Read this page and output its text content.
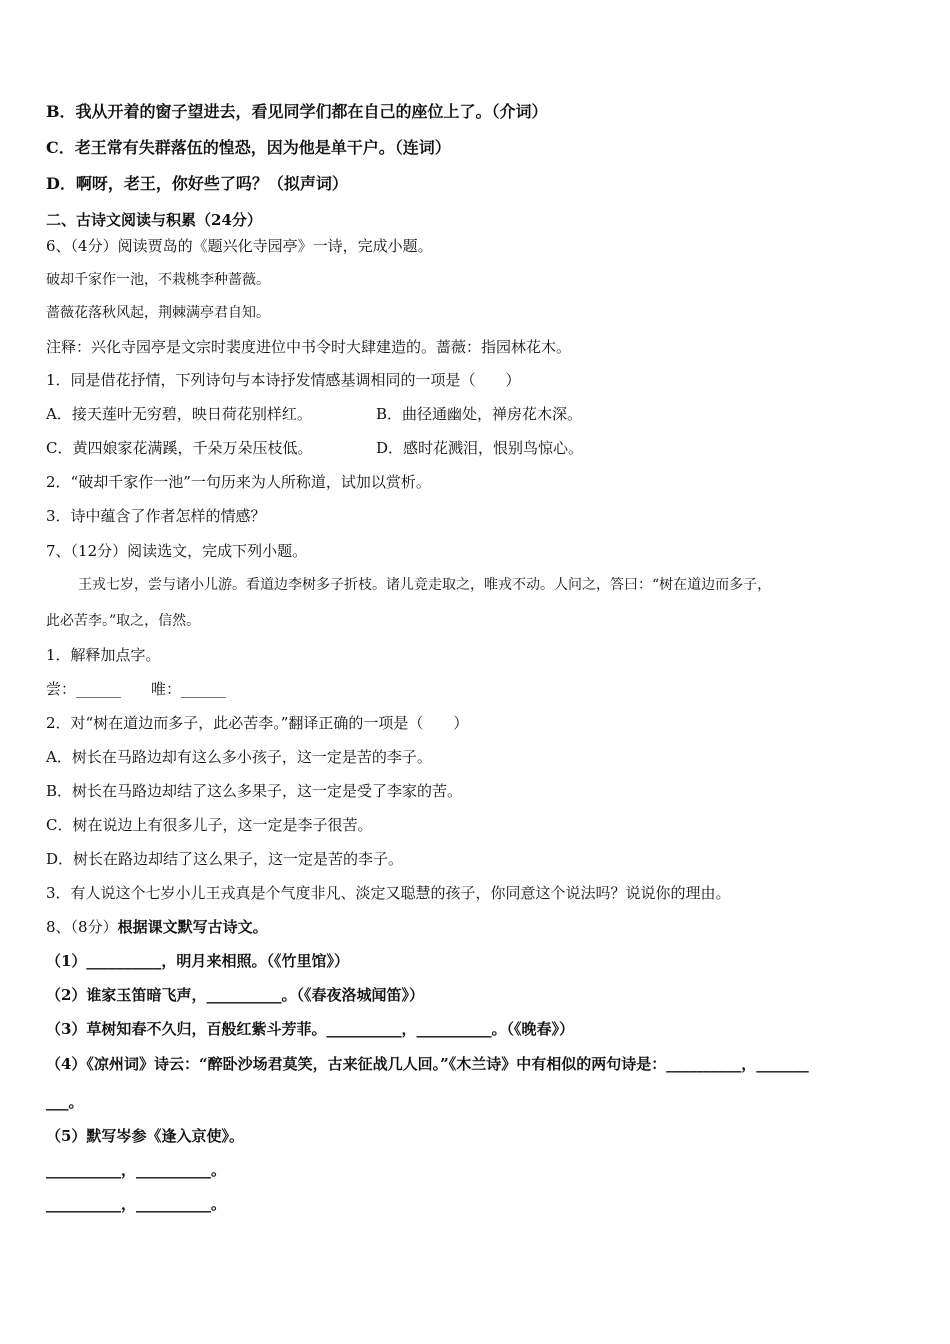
B．我从开着的窗子望进去，看见同学们都在自己的座位上了。（介词）
C．老王常有失群落伍的惶恐，因为他是单干户。（连词）
D．啊呀，老王，你好些了吗？（拟声词）
二、古诗文阅读与积累（24分）
6、（4分）阅读贾岛的《题兴化寺园亭》一诗，完成小题。
破却千家作一池，不栽桃李种蔷薇。
蔷薇花落秋风起，荆棘满亭君自知。
注释：兴化寺园亭是文宗时裴度进位中书令时大肆建造的。蔷薇：指园林花木。
1．同是借花抒情，下列诗句与本诗抒发情感基调相同的一项是（　　）
A．接天莲叶无穷碧，映日荷花别样红。	B．曲径通幽处，禅房花木深。
C．黄四娘家花满蹊，千朵万朵压枝低。	D．感时花溅泪，恨别鸟惊心。
2．“破却千家作一池”一句历来为人所称道，试加以赏析。
3．诗中蕴含了作者怎样的情感？
7、（12分）阅读选文，完成下列小题。
王戎七岁，尝与诸小儿游。看道边李树多子折枝。诸儿竞走取之，唯戎不动。人问之，答曰：“树在道边而多子，
此必苦李。”取之，信然。
1．解释加点字。
尝：______　　唯：______
2．对“树在道边而多子，此必苦李。”翻译正确的一项是（　　）
A．树长在马路边却有这么多小孩子，这一定是苦的李子。
B．树长在马路边却结了这么多果子，这一定是受了李家的苦。
C．树在说边上有很多儿子，这一定是李子很苦。
D．树长在路边却结了这么果子，这一定是苦的李子。
3．有人说这个七岁小儿王戎真是个气度非凡、淡定又聪慧的孩子，你同意这个说法吗？说说你的理由。
8、（8分）根据课文默写古诗文。
（1）__________，明月来相照。（《竹里馆》）
（2）谁家玉笛暗飞声，__________。（《春夜洛城闻笛》）
（3）草树知春不久归，百般红紫斗芳菲。__________，__________。（《晚春》）
（4）《凉州词》诗云：“醉卧沙场君莫笑，古来征战几人回。”《木兰诗》中有相似的两句诗是：__________，_______
___。
（5）默写岑参《逢入京使》。
__________，__________。
__________，__________。
